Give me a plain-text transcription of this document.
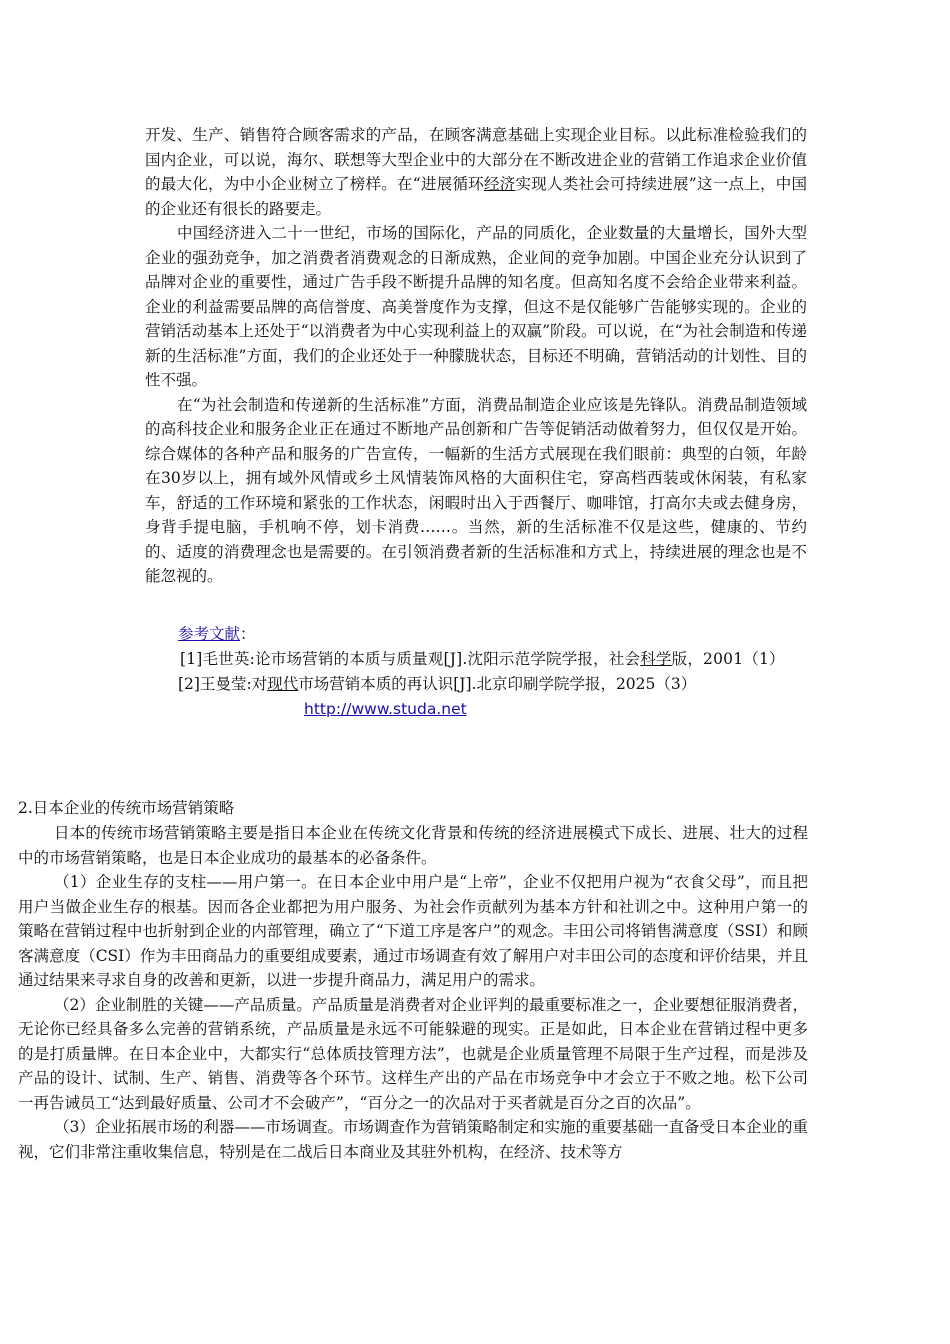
开发、生产、销售符合顾客需求的产品，在顾客满意基础上实现企业目标。以此标准检验我们的国内企业，可以说，海尔、联想等大型企业中的大部分在不断改进企业的营销工作追求企业价值的最大化，为中小企业树立了榜样。在“进展循环经济实现人类社会可持续进展”这一点上，中国的企业还有很长的路要走。

中国经济进入二十一世纪，市场的国际化，产品的同质化，企业数量的大量增长，国外大型企业的强劲竞争，加之消费者消费观念的日渐成熟，企业间的竞争加剧。中国企业充分认识到了品牌对企业的重要性，通过广告手段不断提升品牌的知名度。但高知名度不会给企业带来利益。企业的利益需要品牌的高信誉度、高美誉度作为支撑，但这不是仅能够广告能够实现的。企业的营销活动基本上还处于“以消费者为中心实现利益上的双赢”阶段。可以说，在“为社会制造和传递新的生活标准”方面，我们的企业还处于一种朦胧状态，目标还不明确，营销活动的计划性、目的性不强。

在“为社会制造和传递新的生活标准”方面，消费品制造企业应该是先锋队。消费品制造领域的高科技企业和服务企业正在通过不断地产品创新和广告等促销活动做着努力，但仅仅是开始。综合媒体的各种产品和服务的广告宣传，一幅新的生活方式展现在我们眼前：典型的白领，年龄在30岁以上，拥有域外风情或乡土风情装饰风格的大面积住宅，穿高档西装或休闲装，有私家车，舒适的工作环境和紧张的工作状态，闲暇时出入于西餐厅、咖啡馆，打高尔夫或去健身房，身背手提电脑，手机响不停，划卡消费……。当然，新的生活标准不仅是这些，健康的、节约的、适度的消费理念也是需要的。在引领消费者新的生活标准和方式上，持续进展的理念也是不能忽视的。

参考文献：
[1]毛世英:论市场营销的本质与质量观[J].沈阳示范学院学报，社会科学版，2001（1）
[2]王曼莹:对现代市场营销本质的再认识[J].北京印刷学院学报，2025（3）
http://www.studa.net

2.日本企业的传统市场营销策略

日本的传统市场营销策略主要是指日本企业在传统文化背景和传统的经济进展模式下成长、进展、壮大的过程中的市场营销策略，也是日本企业成功的最基本的必备条件。

（1）企业生存的支柱——用户第一。在日本企业中用户是“上帝”，企业不仅把用户视为“衣食父母”，而且把用户当做企业生存的根基。因而各企业都把为用户服务、为社会作贡献列为基本方针和社训之中。这种用户第一的策略在营销过程中也折射到企业的内部管理，确立了“下道工序是客户”的观念。丰田公司将销售满意度（SSI）和顾客满意度（CSI）作为丰田商品力的重要组成要素，通过市场调查有效了解用户对丰田公司的态度和评价结果，并且通过结果来寻求自身的改善和更新，以进一步提升商品力，满足用户的需求。

（2）企业制胜的关键——产品质量。产品质量是消费者对企业评判的最重要标准之一，企业要想征服消费者，无论你已经具备多么完善的营销系统，产品质量是永远不可能躲避的现实。正是如此，日本企业在营销过程中更多的是打质量牌。在日本企业中，大都实行“总体质技管理方法”，也就是企业质量管理不局限于生产过程，而是涉及产品的设计、试制、生产、销售、消费等各个环节。这样生产出的产品在市场竞争中才会立于不败之地。松下公司一再告诫员工“达到最好质量、公司才不会破产”，“百分之一的次品对于买者就是百分之百的次品”。

（3）企业拓展市场的利器——市场调查。市场调查作为营销策略制定和实施的重要基础一直备受日本企业的重视，它们非常注重收集信息，特别是在二战后日本商业及其驻外机构，在经济、技术等方
